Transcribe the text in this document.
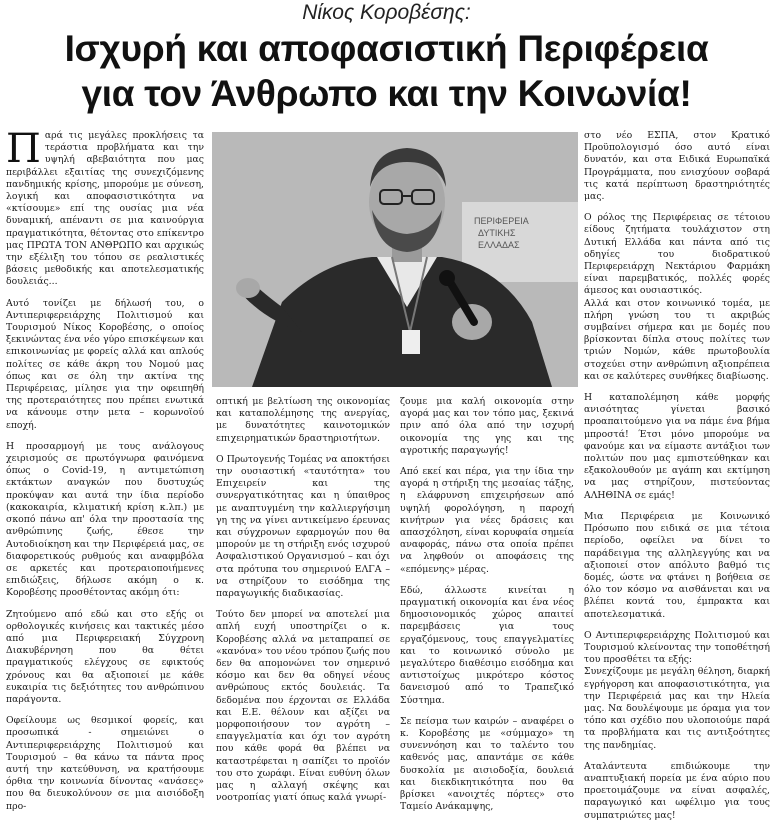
Νίκος Κοροβέσης:
Ισχυρή και αποφασιστική Περιφέρεια
για τον Άνθρωπο και την Κοινωνία!
ΠΕΡΙΦΕΡΕΙΑ
ΔΥΤΙΚΗΣ
ΕΛΛΑΔΑΣ

Παρά τις μεγάλες προκλήσεις τα τεράστια προβλήματα και την υψηλή αβεβαιότητα που μας περιβάλλει εξαιτίας της συνεχιζόμενης πανδημικής κρίσης, μπορούμε με σύνεση, λογική και αποφασιστικότητα να «κτίσουμε» επί της ουσίας μια νέα δυναμική, απέναντι σε μια καινούργια πραγματικότητα, θέτοντας στο επίκεντρο μας ΠΡΩΤΑ ΤΟΝ ΑΝΘΡΩΠΟ και αρχικώς την εξέλιξη του τόπου σε ρεαλιστικές βάσεις μεθοδικής και αποτελεσματικής δουλειάς...

Αυτό τονίζει με δήλωσή του, ο Αντιπεριφερειάρχης Πολιτισμού και Τουρισμού Νίκος Κοροβέσης, ο οποίος ξεκινώντας ένα νέο γύρο επισκέψεων και επικοινωνίας με φορείς αλλά και απλούς πολίτες σε κάθε άκρη του Νομού μας όπως και σε όλη την ακτίνα της Περιφέρειας, μίλησε για την οφειπηθή της προτεραιότητες που πρέπει ενωτικά να κάνουμε στην μετα – κορωνοϊού εποχή.

Η προσαρμογή με τους ανάλογους χειρισμούς σε πρωτόγνωρα φαινόμενα όπως ο Covid-19, η αντιμετώπιση εκτάκτων αναγκών που δυστυχώς προκύψαν και αυτά την ίδια περίοδο (κακοκαιρία, κλιματική κρίση κ.λπ.) με σκοπό πάνω απ' όλα την προστασία της ανθρώπινης ζωής, έθεσε την Αυτοδιοίκηση και την Περιφέρειά μας, σε διαφορετικούς ρυθμούς και αναφμβόλα σε αρκετές και προτεραιοποιήμενες επιδιώξεις, δήλωσε ακόμη ο κ. Κοροβέσης προσθέτοντας ακόμη ότι:

Ζητούμενο από εδώ και στο εξής οι ορθολογικές κινήσεις και τακτικές μέσο από μια Περιφερειακή Σύγχρονη Διακυβέρνηση που θα θέτει πραγματικούς ελέγχους σε εφικτούς χρόνους και θα αξιοποιεί με κάθε ευκαιρία τις δεξιότητες του ανθρώπινου παράγοντα.

Οφείλουμε ως θεσμικοί φορείς, και προσωπικά - σημειώνει ο Αντιπεριφερειάρχης Πολιτισμού και Τουρισμού – θα κάνω τα πάντα προς αυτή την κατεύθυνση, να κρατήσουμε όρθια την κοινωνία δίνοντας «ανάσες» που θα διευκολύνουν σε μια αισιόδοξη προ-

οπτική με βελτίωση της οικονομίας και καταπολέμησης της ανεργίας, με δυνατότητες καινοτομικών επιχειρηματικών δραστηριοτήτων.

Ο Πρωτογενής Τομέας να αποκτήσει την ουσιαστική «ταυτότητα» του Επιχειρείν και της συνεργατικότητας και η ύπαιθρος με αναπτυγμένη την καλλιεργήσιμη γη της να γίνει αντικείμενο έρευνας και σύγχρονων εφαρμογών που θα μπορούν με τη στήριξη ενός ισχυρού Ασφαλιστικού Οργανισμού – και όχι στα πρότυπα του σημερινού ΕΛΓΑ – να στηρίζουν το εισόδημα της παραγωγικής διαδικασίας.

Τούτο δεν μπορεί να αποτελεί μια απλή ευχή υποστηρίζει ο κ. Κοροβέσης αλλά να μεταπραπεί σε «κανόνα» του νέου τρόπου ζωής που δεν θα απομονώνει τον σημερινό κόσμο και δεν θα οδηγεί νέους ανθρώπους εκτός δουλειάς. Τα δεδομένα που έρχονται σε Ελλάδα και Ε.Ε. θέλουν και αξίζει να μορφοποιήσουν τον αγρότη – επαγγελματία και όχι τον αγρότη που κάθε φορά θα βλέπει να καταστρέφεται η σαπίζει το προϊόν του στο χωράφι. Είναι ευθύνη όλων μας η αλλαγή σκέψης και νοοτροπίας γιατί όπως καλά γνωρί-

ζουμε μια καλή οικονομία στην αγορά μας και τον τόπο μας, ξεκινά πριν από όλα από την ισχυρή οικονομία της γης και της αγροτικής παραγωγής!

Από εκεί και πέρα, για την ίδια την αγορά η στήριξη της μεσαίας τάξης, η ελάφρυνση επιχειρήσεων από υψηλή φορολόγηση, η παροχή κινήτρων για νέες δράσεις και απασχόληση, είναι κορυφαία σημεία αναφοράς, πάνω στα οποία πρέπει να ληφθούν οι αποφάσεις της «επόμενης» μέρας.

Εδώ, άλλωστε κινείται η πραγματική οικονομία και ένα νέος δημοσιονομικός χώρος απαιτεί παρεμβάσεις για τους εργαζόμενους, τους επαγγελματίες και το κοινωνικό σύνολο με μεγαλύτερο διαθέσιμο εισόδημα και αντιστοίχως μικρότερο κόστος δανεισμού από το Τραπεζικό Σύστημα.

Σε πείσμα των καιρών – αναφέρει ο κ. Κοροβέσης με «σύμμαχο» τη συνεννόηση και το ταλέντο του καθενός μας, απαντάμε σε κάθε δυσκολία με αισιοδοξία, δουλειά και διεκδικητικότητα που θα βρίσκει «ανοιχτές πόρτες» στο Ταμείο Ανάκαμψης,

στο νέο ΕΣΠΑ, στον Κρατικό Προϋπολογισμό όσο αυτό είναι δυνατόν, και στα Ειδικά Ευρωπαϊκά Προγράμματα, που ενισχύουν σοβαρά τις κατά περίπτωση δραστηριότητές μας.

Ο ρόλος της Περιφέρειας σε τέτοιου είδους ζητήματα τουλάχιστον στη Δυτική Ελλάδα και πάντα από τις οδηγίες του διοδρατικού Περιφερειάρχη Νεκτάριου Φαρμάκη είναι παρεμβατικός, πολλές φορές άμεσος και ουσιαστικός.
Αλλά και στον κοινωνικό τομέα, με πλήρη γνώση του τι ακριβώς συμβαίνει σήμερα και με δομές που βρίσκονται δίπλα στους πολίτες των τριών Νομών, κάθε πρωτοβουλία στοχεύει στην ανθρώπινη αξιοπρέπεια και σε καλύτερες συνθήκες διαβίωσης.

Η καταπολέμηση κάθε μορφής ανισότητας γίνεται βασικό προαπαιτούμενο για να πάμε ένα βήμα μπροστά! Έτσι μόνο μπορούμε να φανούμε και να είμαστε αντάξιοι των πολιτών που μας εμπιστεύθηκαν και εξακολουθούν με αγάπη και εκτίμηση να μας στηρίζουν, πιστεύοντας ΑΛΗΘΙΝΑ σε εμάς!

Μια Περιφέρεια με Κοινωνικό Πρόσωπο που ειδικά σε μια τέτοια περίοδο, οφείλει να δίνει το παράδειγμα της αλληλεγγύης και να αξιοποιεί στον απόλυτο βαθμό τις δομές, ώστε να φτάνει η βοήθεια σε όλο τον κόσμο να αισθάνεται και να βλέπει κοντά του, έμπρακτα και αποτελεσματικά.

Ο Αντιπεριφερειάρχης Πολιτισμού και Τουρισμού κλείνοντας την τοποθέτησή του προσθέτει τα εξής:
Συνεχίζουμε με μεγάλη θέληση, διαρκή εγρήγορση και αποφασιστικότητα, για την Περιφέρειά μας και την Ηλεία μας. Να δουλέψουμε με όραμα για τον τόπο και σχέδιο που υλοποιούμε παρά τα προβλήματα και τις αντιξοότητες της πανδημίας.

Αταλάντευτα επιδιώκουμε την αναπτυξιακή πορεία με ένα αύριο που προετοιμάζουμε να είναι ασφαλές, παραγωγικό και ωφέλιμο για τους συμπατριώτες μας!
